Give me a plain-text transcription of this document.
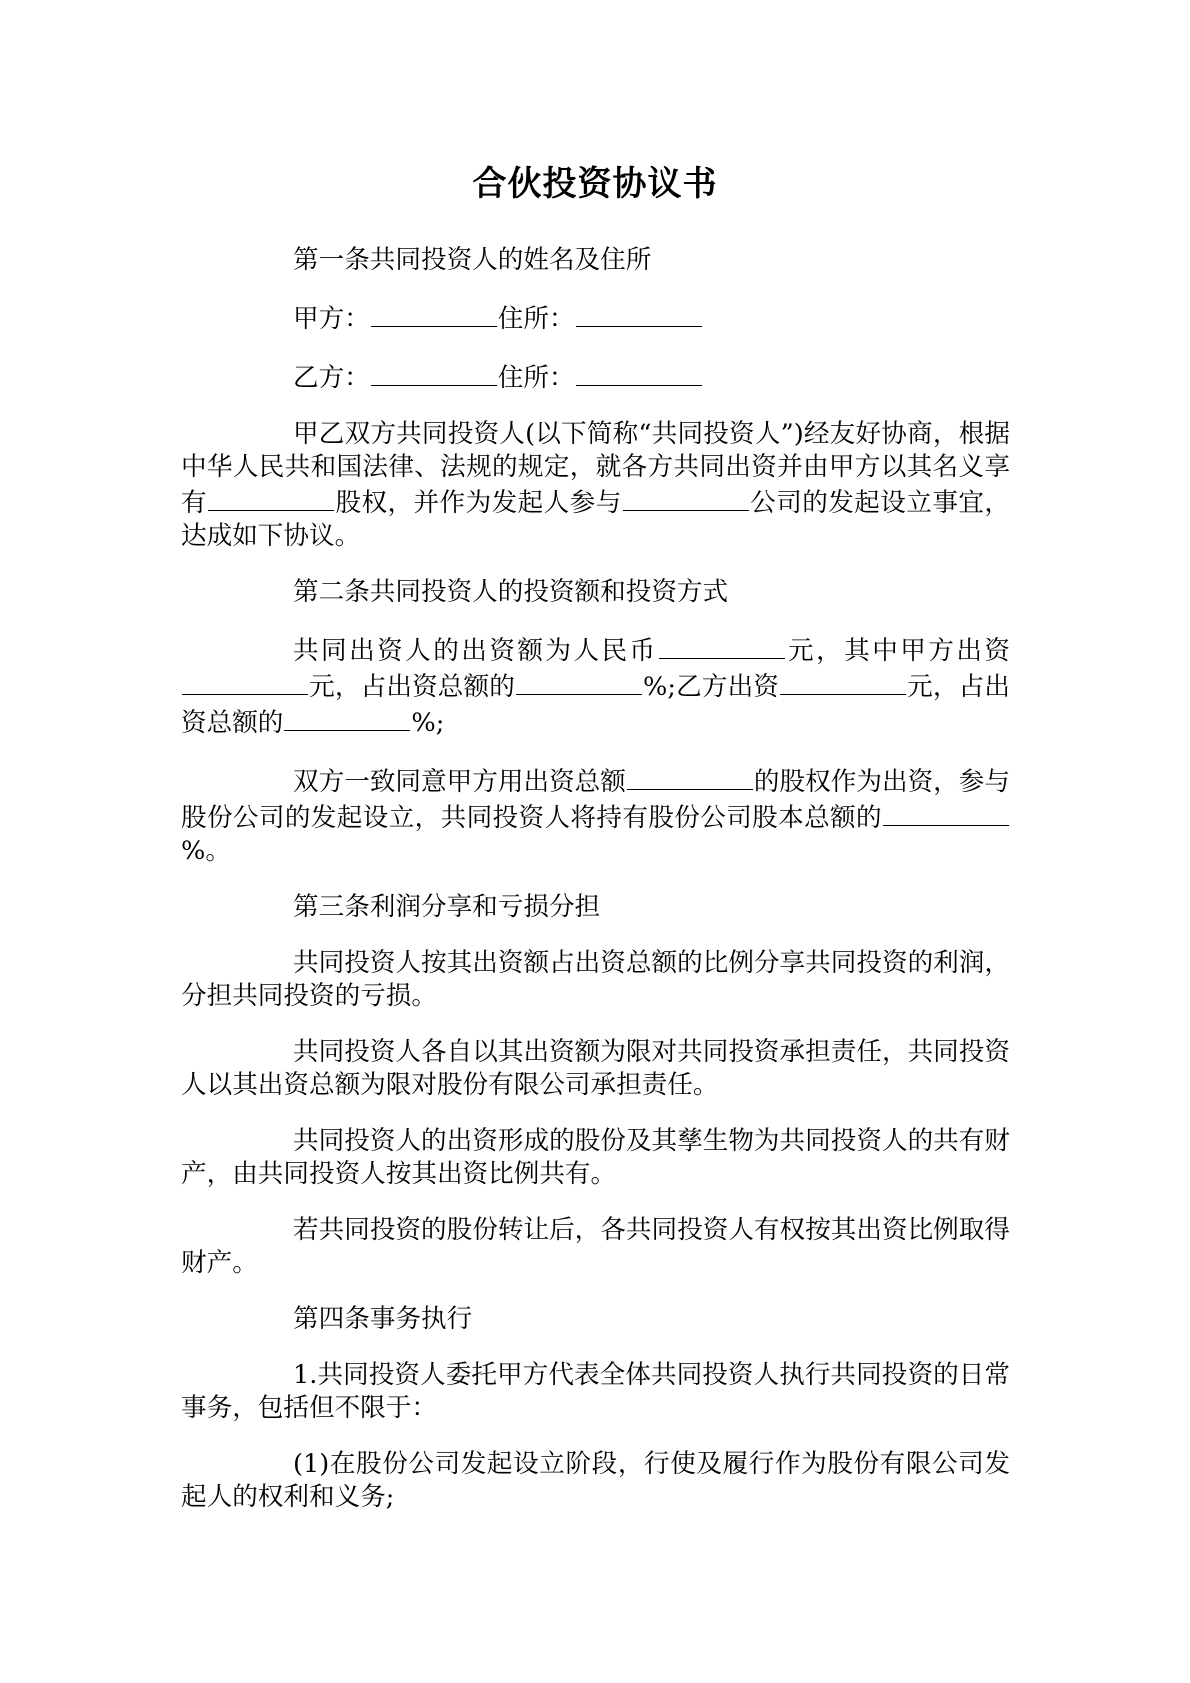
合伙投资协议书

第一条共同投资人的姓名及住所

甲方：	住所：

乙方：	住所：

甲乙双方共同投资人(以下简称“共同投资人”)经友好协商，根据中华人民共和国法律、法规的规定，就各方共同出资并由甲方以其名义享有	股权，并作为发起人参与	公司的发起设立事宜，达成如下协议。

第二条共同投资人的投资额和投资方式

共同出资人的出资额为人民币	元，其中甲方出资元，占出资总额的	%;乙方出资	元，占出资总额的	%;

双方一致同意甲方用出资总额	的股权作为出资，参与股份公司的发起设立，共同投资人将持有股份公司股本总额的%。

第三条利润分享和亏损分担

共同投资人按其出资额占出资总额的比例分享共同投资的利润，分担共同投资的亏损。

共同投资人各自以其出资额为限对共同投资承担责任，共同投资人以其出资总额为限对股份有限公司承担责任。

共同投资人的出资形成的股份及其孳生物为共同投资人的共有财产，由共同投资人按其出资比例共有。

若共同投资的股份转让后，各共同投资人有权按其出资比例取得财产。

第四条事务执行

1.共同投资人委托甲方代表全体共同投资人执行共同投资的日常事务，包括但不限于：

(1)在股份公司发起设立阶段，行使及履行作为股份有限公司发起人的权利和义务;
